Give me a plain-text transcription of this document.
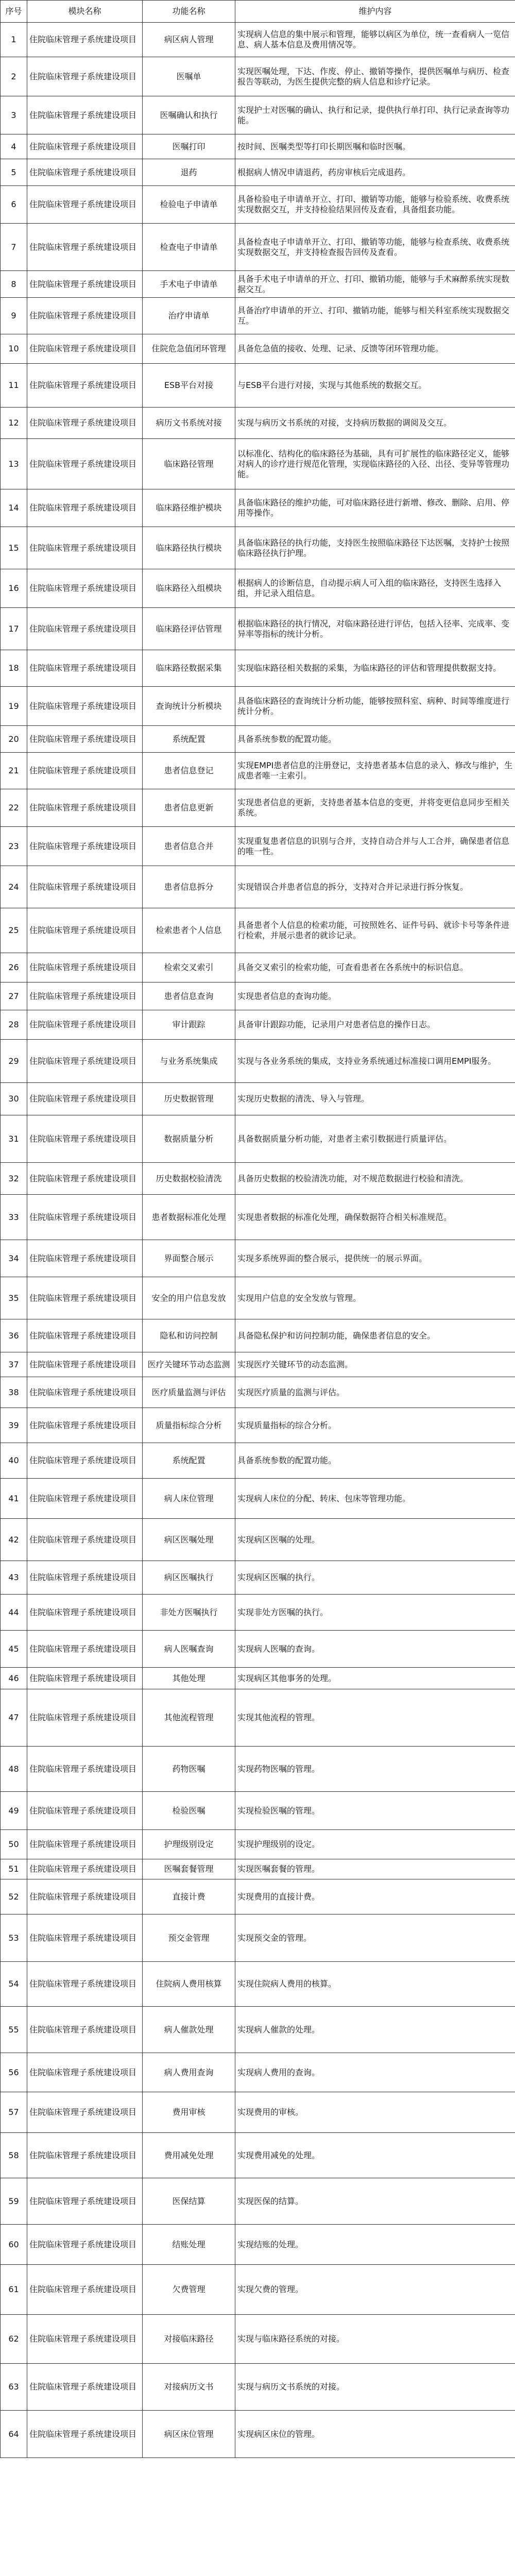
序号	模块名称	功能名称	维护内容
1	住院临床管理子系统建设项目	病区病人管理	实现病人信息的集中展示和管理，能够以病区为单位，统一查看病人一览信息、病人基本信息及费用情况等。
2	住院临床管理子系统建设项目	医嘱单	实现医嘱处理，下达、作废、停止、撤销等操作，提供医嘱单与病历、检查报告等联动，为医生提供完整的病人信息和诊疗记录。
3	住院临床管理子系统建设项目	医嘱确认和执行	实现护士对医嘱的确认、执行和记录，提供执行单打印、执行记录查询等功能。
4	住院临床管理子系统建设项目	医嘱打印	按时间、医嘱类型等打印长期医嘱和临时医嘱。
5	住院临床管理子系统建设项目	退药	根据病人情况申请退药，药房审核后完成退药。
6	住院临床管理子系统建设项目	检验电子申请单	具备检验电子申请单开立、打印、撤销等功能，能够与检验系统、收费系统实现数据交互，并支持检验结果回传及查看，具备组套功能。
7	住院临床管理子系统建设项目	检查电子申请单	具备检查电子申请单开立、打印、撤销等功能，能够与检查系统、收费系统实现数据交互，并支持检查报告回传及查看。
8	住院临床管理子系统建设项目	手术电子申请单	具备手术电子申请单的开立、打印、撤销功能，能够与手术麻醉系统实现数据交互。
9	住院临床管理子系统建设项目	治疗申请单	具备治疗申请单的开立、打印、撤销功能，能够与相关科室系统实现数据交互。
10	住院临床管理子系统建设项目	住院危急值闭环管理	具备危急值的接收、处理、记录、反馈等闭环管理功能。
11	住院临床管理子系统建设项目	ESB平台对接	与ESB平台进行对接，实现与其他系统的数据交互。
12	住院临床管理子系统建设项目	病历文书系统对接	实现与病历文书系统的对接，支持病历数据的调阅及交互。
13	住院临床管理子系统建设项目	临床路径管理	以标准化、结构化的临床路径为基础，具有可扩展性的临床路径定义，能够对病人的诊疗进行规范化管理，实现临床路径的入径、出径、变异等管理功能。
14	住院临床管理子系统建设项目	临床路径维护模块	具备临床路径的维护功能，可对临床路径进行新增、修改、删除、启用、停用等操作。
15	住院临床管理子系统建设项目	临床路径执行模块	具备临床路径的执行功能，支持医生按照临床路径下达医嘱，支持护士按照临床路径执行护理。
16	住院临床管理子系统建设项目	临床路径入组模块	根据病人的诊断信息，自动提示病人可入组的临床路径，支持医生选择入组，并记录入组信息。
17	住院临床管理子系统建设项目	临床路径评估管理	根据临床路径的执行情况，对临床路径进行评估，包括入径率、完成率、变异率等指标的统计分析。
18	住院临床管理子系统建设项目	临床路径数据采集	实现临床路径相关数据的采集，为临床路径的评估和管理提供数据支持。
19	住院临床管理子系统建设项目	查询统计分析模块	具备临床路径的查询统计分析功能，能够按照科室、病种、时间等维度进行统计分析。
20	住院临床管理子系统建设项目	系统配置	具备系统参数的配置功能。
21	住院临床管理子系统建设项目	患者信息登记	实现EMPI患者信息的注册登记，支持患者基本信息的录入、修改与维护，生成患者唯一主索引。
22	住院临床管理子系统建设项目	患者信息更新	实现患者信息的更新，支持患者基本信息的变更，并将变更信息同步至相关系统。
23	住院临床管理子系统建设项目	患者信息合并	实现重复患者信息的识别与合并，支持自动合并与人工合并，确保患者信息的唯一性。
24	住院临床管理子系统建设项目	患者信息拆分	实现错误合并患者信息的拆分，支持对合并记录进行拆分恢复。
25	住院临床管理子系统建设项目	检索患者个人信息	具备患者个人信息的检索功能，可按照姓名、证件号码、就诊卡号等条件进行检索，并展示患者的就诊记录。
26	住院临床管理子系统建设项目	检索交叉索引	具备交叉索引的检索功能，可查看患者在各系统中的标识信息。
27	住院临床管理子系统建设项目	患者信息查询	实现患者信息的查询功能。
28	住院临床管理子系统建设项目	审计跟踪	具备审计跟踪功能，记录用户对患者信息的操作日志。
29	住院临床管理子系统建设项目	与业务系统集成	实现与各业务系统的集成，支持业务系统通过标准接口调用EMPI服务。
30	住院临床管理子系统建设项目	历史数据管理	实现历史数据的清洗、导入与管理。
31	住院临床管理子系统建设项目	数据质量分析	具备数据质量分析功能，对患者主索引数据进行质量评估。
32	住院临床管理子系统建设项目	历史数据校验清洗	具备历史数据的校验清洗功能，对不规范数据进行校验和清洗。
33	住院临床管理子系统建设项目	患者数据标准化处理	实现患者数据的标准化处理，确保数据符合相关标准规范。
34	住院临床管理子系统建设项目	界面整合展示	实现多系统界面的整合展示，提供统一的展示界面。
35	住院临床管理子系统建设项目	安全的用户信息发放	实现用户信息的安全发放与管理。
36	住院临床管理子系统建设项目	隐私和访问控制	具备隐私保护和访问控制功能，确保患者信息的安全。
37	住院临床管理子系统建设项目	医疗关键环节动态监测	实现医疗关键环节的动态监测。
38	住院临床管理子系统建设项目	医疗质量监测与评估	实现医疗质量的监测与评估。
39	住院临床管理子系统建设项目	质量指标综合分析	实现质量指标的综合分析。
40	住院临床管理子系统建设项目	系统配置	具备系统参数的配置功能。
41	住院临床管理子系统建设项目	病人床位管理	实现病人床位的分配、转床、包床等管理功能。
42	住院临床管理子系统建设项目	病区医嘱处理	实现病区医嘱的处理。
43	住院临床管理子系统建设项目	病区医嘱执行	实现病区医嘱的执行。
44	住院临床管理子系统建设项目	非处方医嘱执行	实现非处方医嘱的执行。
45	住院临床管理子系统建设项目	病人医嘱查询	实现病人医嘱的查询。
46	住院临床管理子系统建设项目	其他处理	实现病区其他事务的处理。
47	住院临床管理子系统建设项目	其他流程管理	实现其他流程的管理。
48	住院临床管理子系统建设项目	药物医嘱	实现药物医嘱的管理。
49	住院临床管理子系统建设项目	检验医嘱	实现检验医嘱的管理。
50	住院临床管理子系统建设项目	护理级别设定	实现护理级别的设定。
51	住院临床管理子系统建设项目	医嘱套餐管理	实现医嘱套餐的管理。
52	住院临床管理子系统建设项目	直接计费	实现费用的直接计费。
53	住院临床管理子系统建设项目	预交金管理	实现预交金的管理。
54	住院临床管理子系统建设项目	住院病人费用核算	实现住院病人费用的核算。
55	住院临床管理子系统建设项目	病人催款处理	实现病人催款的处理。
56	住院临床管理子系统建设项目	病人费用查询	实现病人费用的查询。
57	住院临床管理子系统建设项目	费用审核	实现费用的审核。
58	住院临床管理子系统建设项目	费用减免处理	实现费用减免的处理。
59	住院临床管理子系统建设项目	医保结算	实现医保的结算。
60	住院临床管理子系统建设项目	结账处理	实现结账的处理。
61	住院临床管理子系统建设项目	欠费管理	实现欠费的管理。
62	住院临床管理子系统建设项目	对接临床路径	实现与临床路径系统的对接。
63	住院临床管理子系统建设项目	对接病历文书	实现与病历文书系统的对接。
64	住院临床管理子系统建设项目	病区床位管理	实现病区床位的管理。
